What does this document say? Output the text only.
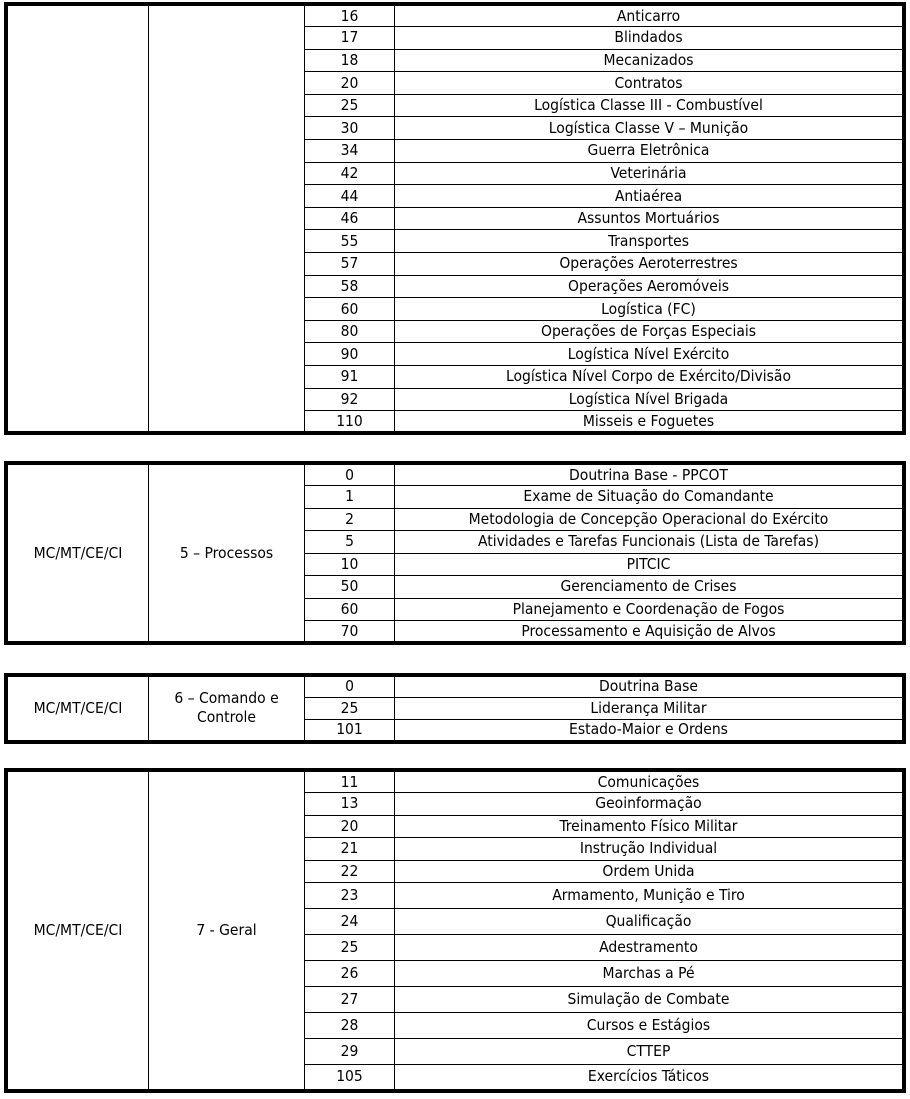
		16	Anticarro
		17	Blindados
		18	Mecanizados
		20	Contratos
		25	Logística Classe III - Combustível
		30	Logística Classe V – Munição
		34	Guerra Eletrônica
		42	Veterinária
		44	Antiaérea
		46	Assuntos Mortuários
		55	Transportes
		57	Operações Aeroterrestres
		58	Operações Aeromóveis
		60	Logística (FC)
		80	Operações de Forças Especiais
		90	Logística Nível Exército
		91	Logística Nível Corpo de Exército/Divisão
		92	Logística Nível Brigada
		110	Misseis e Foguetes
MC/MT/CE/CI	5 – Processos	0	Doutrina Base - PPCOT
		1	Exame de Situação do Comandante
		2	Metodologia de Concepção Operacional do Exército
		5	Atividades e Tarefas Funcionais (Lista de Tarefas)
		10	PITCIC
		50	Gerenciamento de Crises
		60	Planejamento e Coordenação de Fogos
		70	Processamento e Aquisição de Alvos
MC/MT/CE/CI	6 – Comando e Controle	0	Doutrina Base
		25	Liderança Militar
		101	Estado-Maior e Ordens
MC/MT/CE/CI	7 - Geral	11	Comunicações
		13	Geoinformação
		20	Treinamento Físico Militar
		21	Instrução Individual
		22	Ordem Unida
		23	Armamento, Munição e Tiro
		24	Qualificação
		25	Adestramento
		26	Marchas a Pé
		27	Simulação de Combate
		28	Cursos e Estágios
		29	CTTEP
		105	Exercícios Táticos
